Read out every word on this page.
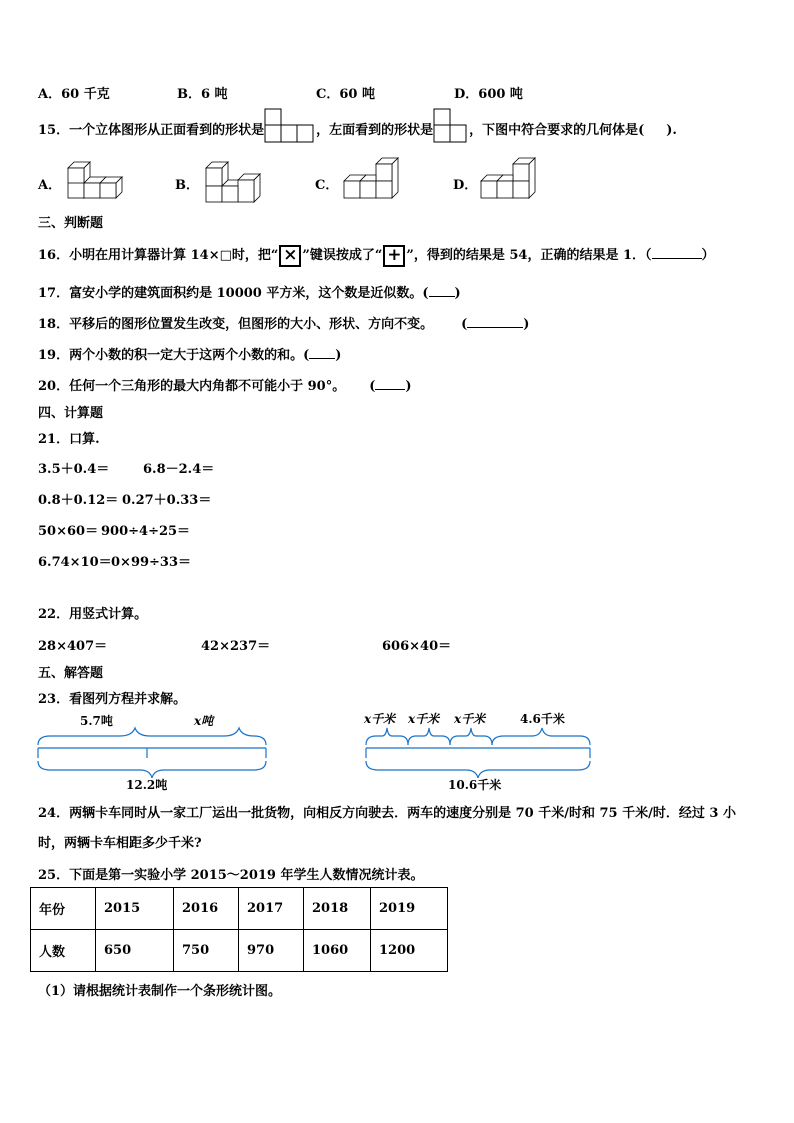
A．60 千克	B．6 吨	C．60 吨	D．600 吨
15．一个立体图形从正面看到的形状是	，左面看到的形状是	，下图中符合要求的几何体是( ).
A．	B．	C．	D．
三、判断题
16．小明在用计算器计算 14×□时，把“ × ”键误按成了“ + ”，得到的结果是 54，正确的结果是 1．（	）
17．富安小学的建筑面积约是 10000 平方米，这个数是近似数。( )
18．平移后的图形位置发生改变，但图形的大小、形状、方向不变。 (	)
19．两个小数的积一定大于这两个小数的和。( )
20．任何一个三角形的最大内角都不可能小于 90°。 ( )
四、计算题
21．口算.
3.5＋0.4＝	6.8－2.4＝
0.8＋0.12＝ 0.27＋0.33＝
50×60＝ 900÷4÷25＝
6.74×10＝ 0×99÷33＝
22．用竖式计算。
28×407＝	42×237＝	606×40＝
五、解答题
23．看图列方程并求解。
5.7吨	x吨
12.2吨
x千米 x千米 x千米	4.6千米
10.6千米
24．两辆卡车同时从一家工厂运出一批货物，向相反方向驶去．两车的速度分别是 70 千米/时和 75 千米/时．经过 3 小
时，两辆卡车相距多少千米?
25．下面是第一实验小学 2015～2019 年学生人数情况统计表。
年份	2015	2016	2017	2018	2019
人数	650	750	970	1060	1200
（1）请根据统计表制作一个条形统计图。
